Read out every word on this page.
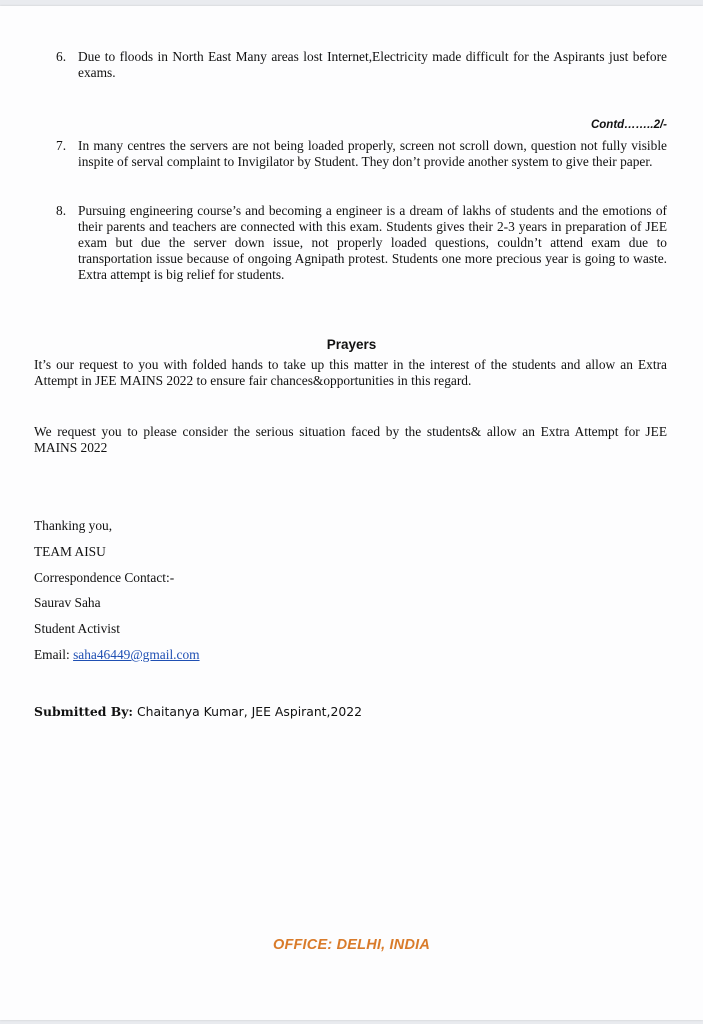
6. Due to floods in North East Many areas lost Internet,Electricity made difficult for the Aspirants just before exams.
Contd……..2/-
7. In many centres the servers are not being loaded properly, screen not scroll down, question not fully visible inspite of serval complaint to Invigilator by Student. They don’t provide another system to give their paper.
8. Pursuing engineering course’s and becoming a engineer is a dream of lakhs of students and the emotions of their parents and teachers are connected with this exam. Students gives their 2-3 years in preparation of JEE exam but due the server down issue, not properly loaded questions, couldn’t attend exam due to transportation issue because of ongoing Agnipath protest. Students one more precious year is going to waste. Extra attempt is big relief for students.
Prayers
It’s our request to you with folded hands to take up this matter in the interest of the students and allow an Extra Attempt in JEE MAINS 2022 to ensure fair chances&opportunities in this regard.
We request you to please consider the serious situation faced by the students& allow an Extra Attempt for JEE MAINS 2022
Thanking you,
TEAM AISU
Correspondence Contact:-
Saurav Saha
Student Activist
Email: saha46449@gmail.com
Submitted By: Chaitanya Kumar, JEE Aspirant,2022
OFFICE: DELHI, INDIA
